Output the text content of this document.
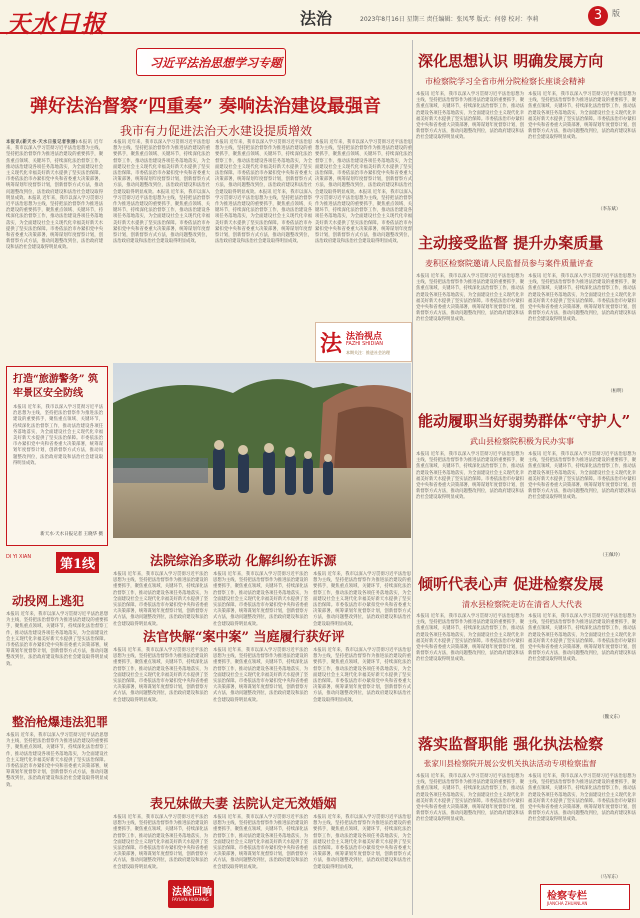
天水日报	法治	2023年8月16日 星期三 责任编辑：张凤琴 版式：何蓉 校对：李莉	3	版
习近平法治思想学习专题
弹好法治督察“四重奏” 奏响法治建设最强音
我市有力促进法治天水建设提质增效
本报讯(新天水·天水日报记者张丽)本报讯 近年来，我市以深入学习贯彻习近平法治思想为主线，坚持把法治督察作为推进法治建设的重要抓手，聚焦重点领域、关键环节，持续深化法治督察工作，推动法治建设各项任务落地落实，为全面建设社会主义现代化幸福美好新天水提供了坚实法治保障。市委依法治市办紧扣党中央和省委重大决策部署，统筹谋划年度督察计划，创新督察方式方法，推动问题整改到位，法治政府建设和法治社会建设取得明显成效。本报讯 近年来，我市以深入学习贯彻习近平法治思想为主线，坚持把法治督察作为推进法治建设的重要抓手，聚焦重点领域、关键环节，持续深化法治督察工作，推动法治建设各项任务落地落实，为全面建设社会主义现代化幸福美好新天水提供了坚实法治保障。市委依法治市办紧扣党中央和省委重大决策部署，统筹谋划年度督察计划，创新督察方式方法，推动问题整改到位，法治政府建设和法治社会建设取得明显成效。
本报讯 近年来，我市以深入学习贯彻习近平法治思想为主线，坚持把法治督察作为推进法治建设的重要抓手，聚焦重点领域、关键环节，持续深化法治督察工作，推动法治建设各项任务落地落实，为全面建设社会主义现代化幸福美好新天水提供了坚实法治保障。市委依法治市办紧扣党中央和省委重大决策部署，统筹谋划年度督察计划，创新督察方式方法，推动问题整改到位，法治政府建设和法治社会建设取得明显成效。本报讯 近年来，我市以深入学习贯彻习近平法治思想为主线，坚持把法治督察作为推进法治建设的重要抓手，聚焦重点领域、关键环节，持续深化法治督察工作，推动法治建设各项任务落地落实，为全面建设社会主义现代化幸福美好新天水提供了坚实法治保障。市委依法治市办紧扣党中央和省委重大决策部署，统筹谋划年度督察计划，创新督察方式方法，推动问题整改到位，法治政府建设和法治社会建设取得明显成效。
本报讯 近年来，我市以深入学习贯彻习近平法治思想为主线，坚持把法治督察作为推进法治建设的重要抓手，聚焦重点领域、关键环节，持续深化法治督察工作，推动法治建设各项任务落地落实，为全面建设社会主义现代化幸福美好新天水提供了坚实法治保障。市委依法治市办紧扣党中央和省委重大决策部署，统筹谋划年度督察计划，创新督察方式方法，推动问题整改到位，法治政府建设和法治社会建设取得明显成效。本报讯 近年来，我市以深入学习贯彻习近平法治思想为主线，坚持把法治督察作为推进法治建设的重要抓手，聚焦重点领域、关键环节，持续深化法治督察工作，推动法治建设各项任务落地落实，为全面建设社会主义现代化幸福美好新天水提供了坚实法治保障。市委依法治市办紧扣党中央和省委重大决策部署，统筹谋划年度督察计划，创新督察方式方法，推动问题整改到位，法治政府建设和法治社会建设取得明显成效。
本报讯 近年来，我市以深入学习贯彻习近平法治思想为主线，坚持把法治督察作为推进法治建设的重要抓手，聚焦重点领域、关键环节，持续深化法治督察工作，推动法治建设各项任务落地落实，为全面建设社会主义现代化幸福美好新天水提供了坚实法治保障。市委依法治市办紧扣党中央和省委重大决策部署，统筹谋划年度督察计划，创新督察方式方法，推动问题整改到位，法治政府建设和法治社会建设取得明显成效。本报讯 近年来，我市以深入学习贯彻习近平法治思想为主线，坚持把法治督察作为推进法治建设的重要抓手，聚焦重点领域、关键环节，持续深化法治督察工作，推动法治建设各项任务落地落实，为全面建设社会主义现代化幸福美好新天水提供了坚实法治保障。市委依法治市办紧扣党中央和省委重大决策部署，统筹谋划年度督察计划，创新督察方式方法，推动问题整改到位，法治政府建设和法治社会建设取得明显成效。
法 法治视点
FAZHI SHIDIAN
本期关注：推进社会治理
打造“旅游警务” 筑牢景区安全防线
本报讯 近年来，我市以深入学习贯彻习近平法治思想为主线，坚持把法治督察作为推进法治建设的重要抓手，聚焦重点领域、关键环节，持续深化法治督察工作，推动法治建设各项任务落地落实，为全面建设社会主义现代化幸福美好新天水提供了坚实法治保障。市委依法治市办紧扣党中央和省委重大决策部署，统筹谋划年度督察计划，创新督察方式方法，推动问题整改到位，法治政府建设和法治社会建设取得明显成效。
新天水·天水日报记者 王晓华 摄
DI YI XIAN	第1线
动投网上逃犯
本报讯 近年来，我市以深入学习贯彻习近平法治思想为主线，坚持把法治督察作为推进法治建设的重要抓手，聚焦重点领域、关键环节，持续深化法治督察工作，推动法治建设各项任务落地落实，为全面建设社会主义现代化幸福美好新天水提供了坚实法治保障。市委依法治市办紧扣党中央和省委重大决策部署，统筹谋划年度督察计划，创新督察方式方法，推动问题整改到位，法治政府建设和法治社会建设取得明显成效。
整治枪爆违法犯罪
本报讯 近年来，我市以深入学习贯彻习近平法治思想为主线，坚持把法治督察作为推进法治建设的重要抓手，聚焦重点领域、关键环节，持续深化法治督察工作，推动法治建设各项任务落地落实，为全面建设社会主义现代化幸福美好新天水提供了坚实法治保障。市委依法治市办紧扣党中央和省委重大决策部署，统筹谋划年度督察计划，创新督察方式方法，推动问题整改到位，法治政府建设和法治社会建设取得明显成效。
法院综治多联动 化解纠纷在诉源
本报讯 近年来，我市以深入学习贯彻习近平法治思想为主线，坚持把法治督察作为推进法治建设的重要抓手，聚焦重点领域、关键环节，持续深化法治督察工作，推动法治建设各项任务落地落实，为全面建设社会主义现代化幸福美好新天水提供了坚实法治保障。市委依法治市办紧扣党中央和省委重大决策部署，统筹谋划年度督察计划，创新督察方式方法，推动问题整改到位，法治政府建设和法治社会建设取得明显成效。
本报讯 近年来，我市以深入学习贯彻习近平法治思想为主线，坚持把法治督察作为推进法治建设的重要抓手，聚焦重点领域、关键环节，持续深化法治督察工作，推动法治建设各项任务落地落实，为全面建设社会主义现代化幸福美好新天水提供了坚实法治保障。市委依法治市办紧扣党中央和省委重大决策部署，统筹谋划年度督察计划，创新督察方式方法，推动问题整改到位，法治政府建设和法治社会建设取得明显成效。
本报讯 近年来，我市以深入学习贯彻习近平法治思想为主线，坚持把法治督察作为推进法治建设的重要抓手，聚焦重点领域、关键环节，持续深化法治督察工作，推动法治建设各项任务落地落实，为全面建设社会主义现代化幸福美好新天水提供了坚实法治保障。市委依法治市办紧扣党中央和省委重大决策部署，统筹谋划年度督察计划，创新督察方式方法，推动问题整改到位，法治政府建设和法治社会建设取得明显成效。
法官快解“案中案” 当庭履行获好评
本报讯 近年来，我市以深入学习贯彻习近平法治思想为主线，坚持把法治督察作为推进法治建设的重要抓手，聚焦重点领域、关键环节，持续深化法治督察工作，推动法治建设各项任务落地落实，为全面建设社会主义现代化幸福美好新天水提供了坚实法治保障。市委依法治市办紧扣党中央和省委重大决策部署，统筹谋划年度督察计划，创新督察方式方法，推动问题整改到位，法治政府建设和法治社会建设取得明显成效。
本报讯 近年来，我市以深入学习贯彻习近平法治思想为主线，坚持把法治督察作为推进法治建设的重要抓手，聚焦重点领域、关键环节，持续深化法治督察工作，推动法治建设各项任务落地落实，为全面建设社会主义现代化幸福美好新天水提供了坚实法治保障。市委依法治市办紧扣党中央和省委重大决策部署，统筹谋划年度督察计划，创新督察方式方法，推动问题整改到位，法治政府建设和法治社会建设取得明显成效。
本报讯 近年来，我市以深入学习贯彻习近平法治思想为主线，坚持把法治督察作为推进法治建设的重要抓手，聚焦重点领域、关键环节，持续深化法治督察工作，推动法治建设各项任务落地落实，为全面建设社会主义现代化幸福美好新天水提供了坚实法治保障。市委依法治市办紧扣党中央和省委重大决策部署，统筹谋划年度督察计划，创新督察方式方法，推动问题整改到位，法治政府建设和法治社会建设取得明显成效。
表兄妹做夫妻 法院认定无效婚姻
本报讯 近年来，我市以深入学习贯彻习近平法治思想为主线，坚持把法治督察作为推进法治建设的重要抓手，聚焦重点领域、关键环节，持续深化法治督察工作，推动法治建设各项任务落地落实，为全面建设社会主义现代化幸福美好新天水提供了坚实法治保障。市委依法治市办紧扣党中央和省委重大决策部署，统筹谋划年度督察计划，创新督察方式方法，推动问题整改到位，法治政府建设和法治社会建设取得明显成效。
本报讯 近年来，我市以深入学习贯彻习近平法治思想为主线，坚持把法治督察作为推进法治建设的重要抓手，聚焦重点领域、关键环节，持续深化法治督察工作，推动法治建设各项任务落地落实，为全面建设社会主义现代化幸福美好新天水提供了坚实法治保障。市委依法治市办紧扣党中央和省委重大决策部署，统筹谋划年度督察计划，创新督察方式方法，推动问题整改到位，法治政府建设和法治社会建设取得明显成效。
本报讯 近年来，我市以深入学习贯彻习近平法治思想为主线，坚持把法治督察作为推进法治建设的重要抓手，聚焦重点领域、关键环节，持续深化法治督察工作，推动法治建设各项任务落地落实，为全面建设社会主义现代化幸福美好新天水提供了坚实法治保障。市委依法治市办紧扣党中央和省委重大决策部署，统筹谋划年度督察计划，创新督察方式方法，推动问题整改到位，法治政府建设和法治社会建设取得明显成效。
法检回响
FAYUAN HUIXIANG
深化思想认识 明确发展方向
市检察院学习全省市州分院检察长座谈会精神
本报讯 近年来，我市以深入学习贯彻习近平法治思想为主线，坚持把法治督察作为推进法治建设的重要抓手，聚焦重点领域、关键环节，持续深化法治督察工作，推动法治建设各项任务落地落实，为全面建设社会主义现代化幸福美好新天水提供了坚实法治保障。市委依法治市办紧扣党中央和省委重大决策部署，统筹谋划年度督察计划，创新督察方式方法，推动问题整改到位，法治政府建设和法治社会建设取得明显成效。
本报讯 近年来，我市以深入学习贯彻习近平法治思想为主线，坚持把法治督察作为推进法治建设的重要抓手，聚焦重点领域、关键环节，持续深化法治督察工作，推动法治建设各项任务落地落实，为全面建设社会主义现代化幸福美好新天水提供了坚实法治保障。市委依法治市办紧扣党中央和省委重大决策部署，统筹谋划年度督察计划，创新督察方式方法，推动问题整改到位，法治政府建设和法治社会建设取得明显成效。
（李东斌）
主动接受监督 提升办案质量
麦积区检察院邀请人民监督员参与案件质量评查
本报讯 近年来，我市以深入学习贯彻习近平法治思想为主线，坚持把法治督察作为推进法治建设的重要抓手，聚焦重点领域、关键环节，持续深化法治督察工作，推动法治建设各项任务落地落实，为全面建设社会主义现代化幸福美好新天水提供了坚实法治保障。市委依法治市办紧扣党中央和省委重大决策部署，统筹谋划年度督察计划，创新督察方式方法，推动问题整改到位，法治政府建设和法治社会建设取得明显成效。
本报讯 近年来，我市以深入学习贯彻习近平法治思想为主线，坚持把法治督察作为推进法治建设的重要抓手，聚焦重点领域、关键环节，持续深化法治督察工作，推动法治建设各项任务落地落实，为全面建设社会主义现代化幸福美好新天水提供了坚实法治保障。市委依法治市办紧扣党中央和省委重大决策部署，统筹谋划年度督察计划，创新督察方式方法，推动问题整改到位，法治政府建设和法治社会建设取得明显成效。
（桓明）
能动履职当好弱势群体“守护人”
武山县检察院积极为民办实事
本报讯 近年来，我市以深入学习贯彻习近平法治思想为主线，坚持把法治督察作为推进法治建设的重要抓手，聚焦重点领域、关键环节，持续深化法治督察工作，推动法治建设各项任务落地落实，为全面建设社会主义现代化幸福美好新天水提供了坚实法治保障。市委依法治市办紧扣党中央和省委重大决策部署，统筹谋划年度督察计划，创新督察方式方法，推动问题整改到位，法治政府建设和法治社会建设取得明显成效。
本报讯 近年来，我市以深入学习贯彻习近平法治思想为主线，坚持把法治督察作为推进法治建设的重要抓手，聚焦重点领域、关键环节，持续深化法治督察工作，推动法治建设各项任务落地落实，为全面建设社会主义现代化幸福美好新天水提供了坚实法治保障。市委依法治市办紧扣党中央和省委重大决策部署，统筹谋划年度督察计划，创新督察方式方法，推动问题整改到位，法治政府建设和法治社会建设取得明显成效。
（王佩玲）
倾听代表心声 促进检察发展
清水县检察院走访在清省人大代表
本报讯 近年来，我市以深入学习贯彻习近平法治思想为主线，坚持把法治督察作为推进法治建设的重要抓手，聚焦重点领域、关键环节，持续深化法治督察工作，推动法治建设各项任务落地落实，为全面建设社会主义现代化幸福美好新天水提供了坚实法治保障。市委依法治市办紧扣党中央和省委重大决策部署，统筹谋划年度督察计划，创新督察方式方法，推动问题整改到位，法治政府建设和法治社会建设取得明显成效。
本报讯 近年来，我市以深入学习贯彻习近平法治思想为主线，坚持把法治督察作为推进法治建设的重要抓手，聚焦重点领域、关键环节，持续深化法治督察工作，推动法治建设各项任务落地落实，为全面建设社会主义现代化幸福美好新天水提供了坚实法治保障。市委依法治市办紧扣党中央和省委重大决策部署，统筹谋划年度督察计划，创新督察方式方法，推动问题整改到位，法治政府建设和法治社会建设取得明显成效。
（魏文东）
落实监督职能 强化执法检察
张家川县检察院开展公安机关执法活动专项检察监督
本报讯 近年来，我市以深入学习贯彻习近平法治思想为主线，坚持把法治督察作为推进法治建设的重要抓手，聚焦重点领域、关键环节，持续深化法治督察工作，推动法治建设各项任务落地落实，为全面建设社会主义现代化幸福美好新天水提供了坚实法治保障。市委依法治市办紧扣党中央和省委重大决策部署，统筹谋划年度督察计划，创新督察方式方法，推动问题整改到位，法治政府建设和法治社会建设取得明显成效。
本报讯 近年来，我市以深入学习贯彻习近平法治思想为主线，坚持把法治督察作为推进法治建设的重要抓手，聚焦重点领域、关键环节，持续深化法治督察工作，推动法治建设各项任务落地落实，为全面建设社会主义现代化幸福美好新天水提供了坚实法治保障。市委依法治市办紧扣党中央和省委重大决策部署，统筹谋划年度督察计划，创新督察方式方法，推动问题整改到位，法治政府建设和法治社会建设取得明显成效。
（马军东）
检察专栏
JIANCHA ZHUANLAN
